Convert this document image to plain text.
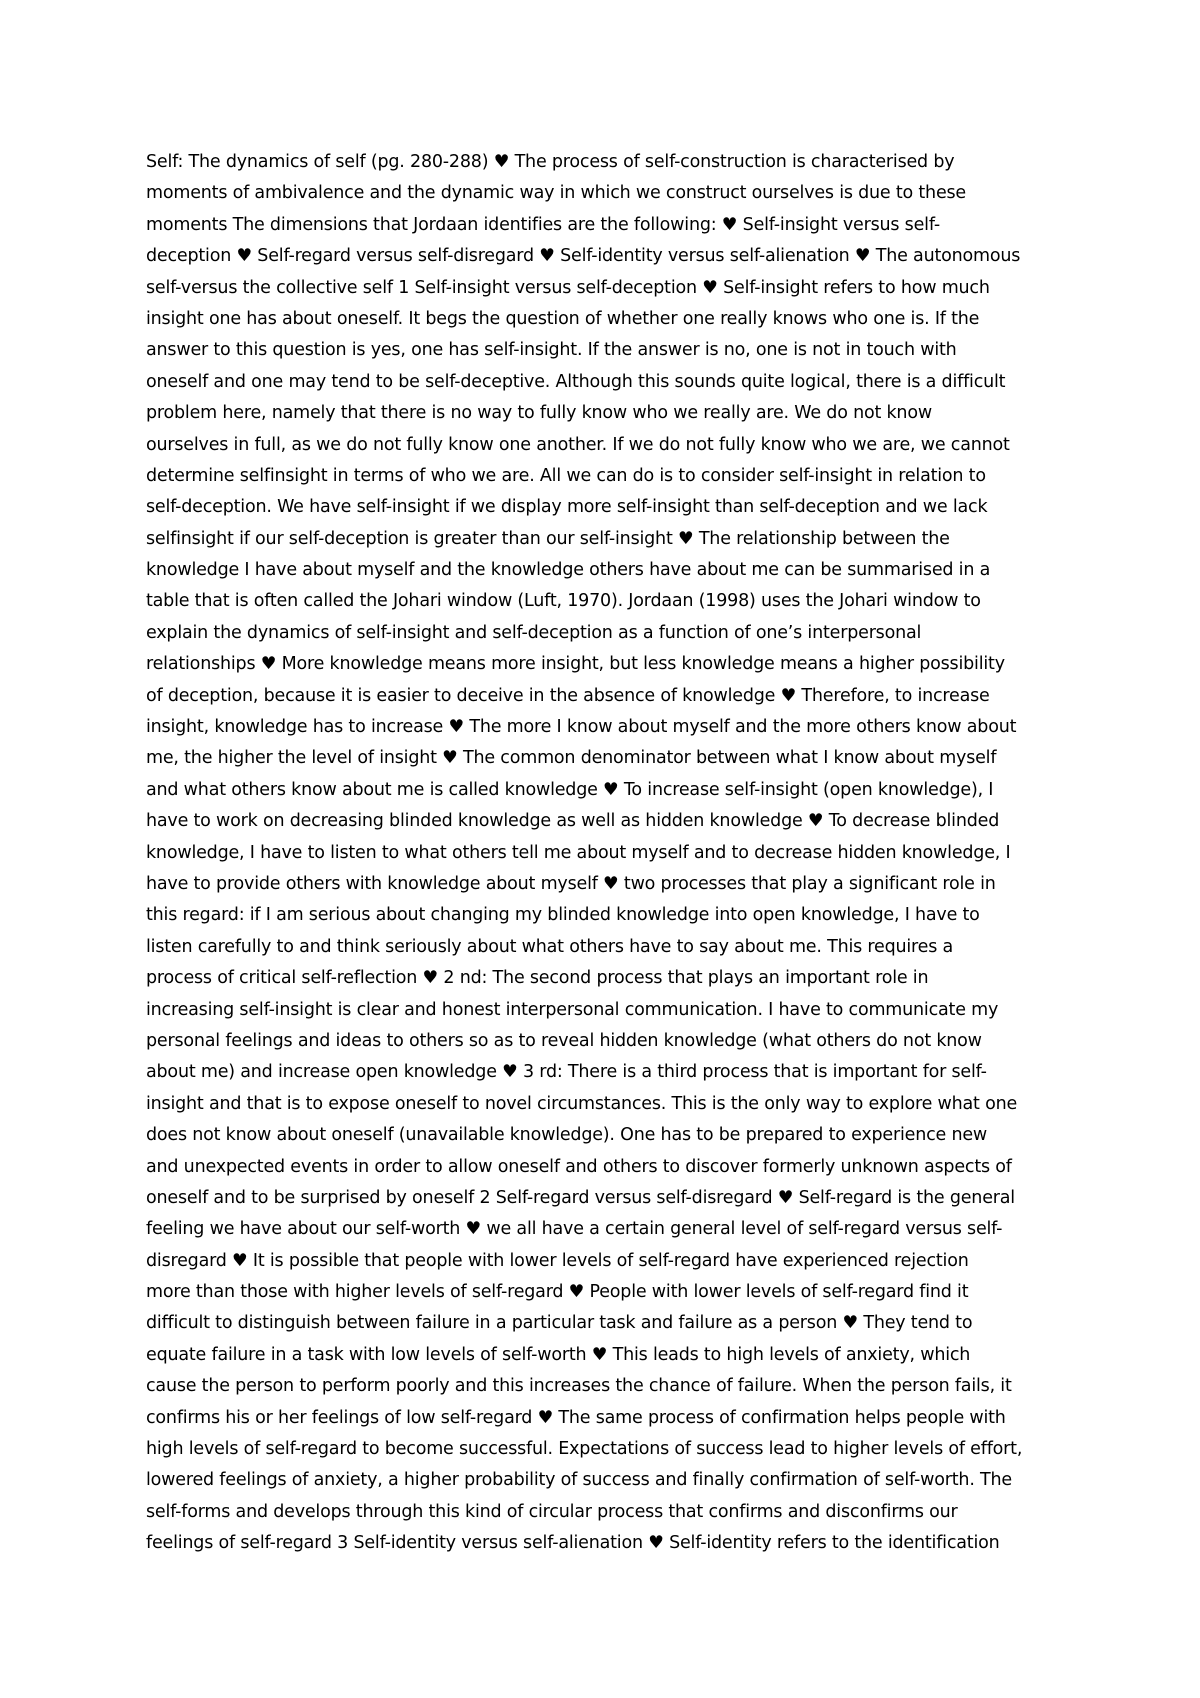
Self: The dynamics of self (pg. 280-288) ♥ The process of self-construction is characterised by
moments of ambivalence and the dynamic way in which we construct ourselves is due to these
moments The dimensions that Jordaan identifies are the following: ♥ Self-insight versus self-
deception ♥ Self-regard versus self-disregard ♥ Self-identity versus self-alienation ♥ The autonomous
self-versus the collective self 1 Self-insight versus self-deception ♥ Self-insight refers to how much
insight one has about oneself. It begs the question of whether one really knows who one is. If the
answer to this question is yes, one has self-insight. If the answer is no, one is not in touch with
oneself and one may tend to be self-deceptive. Although this sounds quite logical, there is a difficult
problem here, namely that there is no way to fully know who we really are. We do not know
ourselves in full, as we do not fully know one another. If we do not fully know who we are, we cannot
determine selfinsight in terms of who we are. All we can do is to consider self-insight in relation to
self-deception. We have self-insight if we display more self-insight than self-deception and we lack
selfinsight if our self-deception is greater than our self-insight ♥ The relationship between the
knowledge I have about myself and the knowledge others have about me can be summarised in a
table that is often called the Johari window (Luft, 1970). Jordaan (1998) uses the Johari window to
explain the dynamics of self-insight and self-deception as a function of one’s interpersonal
relationships ♥ More knowledge means more insight, but less knowledge means a higher possibility
of deception, because it is easier to deceive in the absence of knowledge ♥ Therefore, to increase
insight, knowledge has to increase ♥ The more I know about myself and the more others know about
me, the higher the level of insight ♥ The common denominator between what I know about myself
and what others know about me is called knowledge ♥ To increase self-insight (open knowledge), I
have to work on decreasing blinded knowledge as well as hidden knowledge ♥ To decrease blinded
knowledge, I have to listen to what others tell me about myself and to decrease hidden knowledge, I
have to provide others with knowledge about myself ♥ two processes that play a significant role in
this regard: if I am serious about changing my blinded knowledge into open knowledge, I have to
listen carefully to and think seriously about what others have to say about me. This requires a
process of critical self-reflection ♥ 2 nd: The second process that plays an important role in
increasing self-insight is clear and honest interpersonal communication. I have to communicate my
personal feelings and ideas to others so as to reveal hidden knowledge (what others do not know
about me) and increase open knowledge ♥ 3 rd: There is a third process that is important for self-
insight and that is to expose oneself to novel circumstances. This is the only way to explore what one
does not know about oneself (unavailable knowledge). One has to be prepared to experience new
and unexpected events in order to allow oneself and others to discover formerly unknown aspects of
oneself and to be surprised by oneself 2 Self-regard versus self-disregard ♥ Self-regard is the general
feeling we have about our self-worth ♥ we all have a certain general level of self-regard versus self-
disregard ♥ It is possible that people with lower levels of self-regard have experienced rejection
more than those with higher levels of self-regard ♥ People with lower levels of self-regard find it
difficult to distinguish between failure in a particular task and failure as a person ♥ They tend to
equate failure in a task with low levels of self-worth ♥ This leads to high levels of anxiety, which
cause the person to perform poorly and this increases the chance of failure. When the person fails, it
confirms his or her feelings of low self-regard ♥ The same process of confirmation helps people with
high levels of self-regard to become successful. Expectations of success lead to higher levels of effort,
lowered feelings of anxiety, a higher probability of success and finally confirmation of self-worth. The
self-forms and develops through this kind of circular process that confirms and disconfirms our
feelings of self-regard 3 Self-identity versus self-alienation ♥ Self-identity refers to the identification
